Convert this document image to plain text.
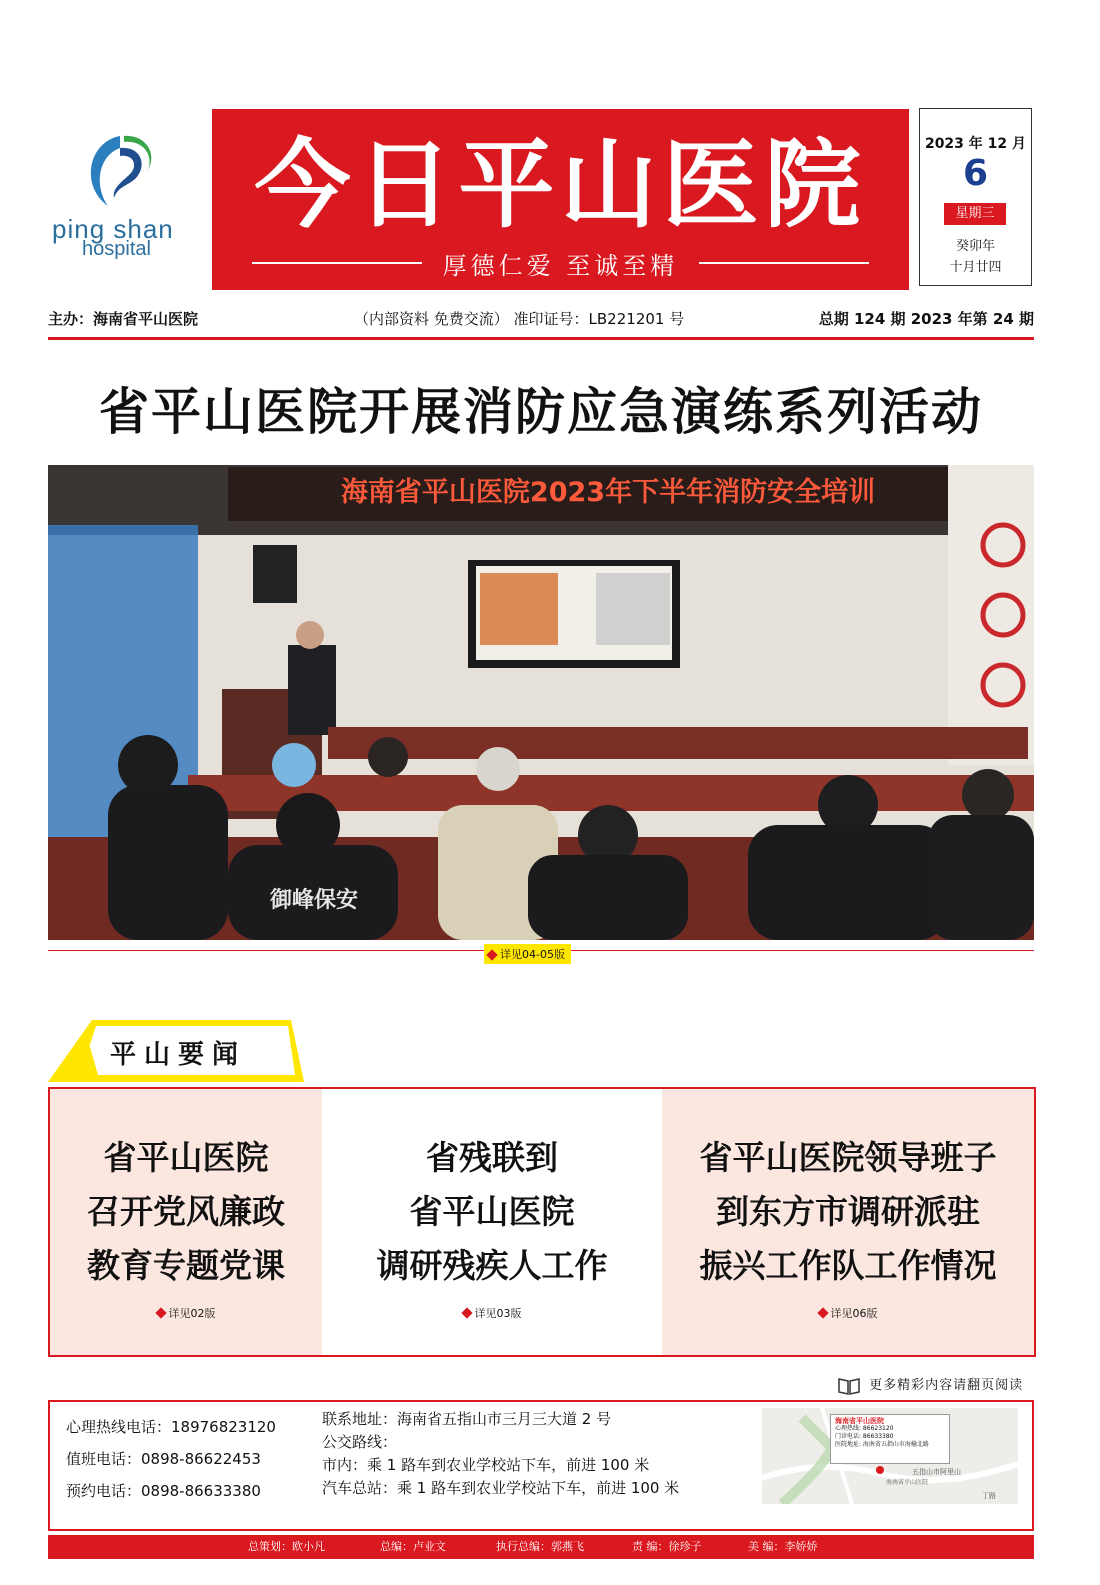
ping shan
hospital
今日平山医院
厚德仁爱 至诚至精
2023 年 12 月
6
星期三
癸卯年
十月廿四
主办：海南省平山医院	（内部资料 免费交流） 准印证号：LB221201 号	总期 124 期 2023 年第 24 期
省平山医院开展消防应急演练系列活动
海南省平山医院2023年下半年消防安全培训
御峰保安
详见04-05版
平山要闻
省平山医院
召开党风廉政
教育专题党课
详见02版
省残联到
省平山医院
调研残疾人工作
详见03版
省平山医院领导班子
到东方市调研派驻
振兴工作队工作情况
详见06版
更多精彩内容请翻页阅读
心理热线电话：18976823120
值班电话：0898-86622453
预约电话：0898-86633380
联系地址：海南省五指山市三月三大道 2 号
公交路线：
市内：乘 1 路车到农业学校站下车，前进 100 米
汽车总站：乘 1 路车到农业学校站下车，前进 100 米
五指山市阿里山
海南省平山医院
丁路
海南省平山医院
心理热线: 86623120
门诊电话: 86633380
医院地址: 海南省五指山市海榆北路
总策划：欧小凡	总编：卢业文	执行总编：郭燕飞	责 编：徐珍子	美 编：李娇娇
